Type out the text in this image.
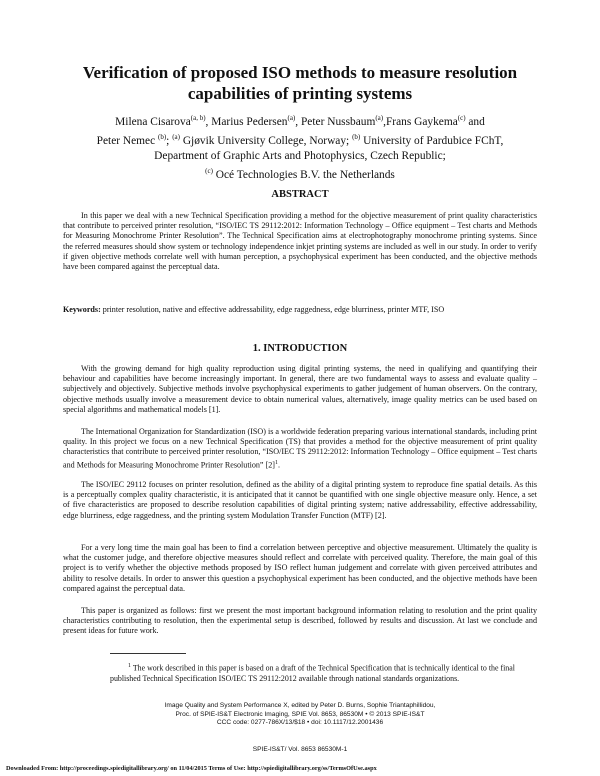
Verification of proposed ISO methods to measure resolution
capabilities of printing systems
Milena Cisarova$^{(a, b)}$, Marius Pedersen$^{(a)}$, Peter Nussbaum$^{(a)}$,Frans Gaykema$^{(c)}$ and
Peter Nemec $^{(b)}$; $^{(a)}$ Gjøvik University College, Norway; $^{(b)}$ University of Pardubice FChT,
Department of Graphic Arts and Photophysics, Czech Republic;
$^{(c)}$ Océ Technologies B.V. the Netherlands
ABSTRACT

In this paper we deal with a new Technical Specification providing a method for the objective measurement of print quality characteristics that contribute to perceived printer resolution, “ISO/IEC TS 29112:2012: Information Technology – Office equipment – Test charts and Methods for Measuring Monochrome Printer Resolution”. The Technical Specification aims at electrophotography monochrome printing systems. Since the referred measures should show system or technology independence inkjet printing systems are included as well in our study. In order to verify if given objective methods correlate well with human perception, a psychophysical experiment has been conducted, and the objective methods have been compared against the perceptual data.

Keywords: printer resolution, native and effective addressability, edge raggedness, edge blurriness, printer MTF, ISO

1. INTRODUCTION

With the growing demand for high quality reproduction using digital printing systems, the need in qualifying and quantifying their behaviour and capabilities have become increasingly important. In general, there are two fundamental ways to assess and evaluate quality – subjectively and objectively. Subjective methods involve psychophysical experiments to gather judgement of human observers. On the contrary, objective methods usually involve a measurement device to obtain numerical values, alternatively, image quality metrics can be used based on special algorithms and mathematical models [1].

The International Organization for Standardization (ISO) is a worldwide federation preparing various international standards, including print quality. In this project we focus on a new Technical Specification (TS) that provides a method for the objective measurement of print quality characteristics that contribute to perceived printer resolution, “ISO/IEC TS 29112:2012: Information Technology – Office equipment – Test charts and Methods for Measuring Monochrome Printer Resolution” $[2]^1$.

The ISO/IEC 29112 focuses on printer resolution, defined as the ability of a digital printing system to reproduce fine spatial details. As this is a perceptually complex quality characteristic, it is anticipated that it cannot be quantified with one single objective measure only. Hence, a set of five characteristics are proposed to describe resolution capabilities of digital printing system; native addressability, effective addressability, edge blurriness, edge raggedness, and the printing system Modulation Transfer Function (MTF) [2].

For a very long time the main goal has been to find a correlation between perceptive and objective measurement. Ultimately the quality is what the customer judge, and therefore objective measures should reflect and correlate with perceived quality. Therefore, the main goal of this project is to verify whether the objective methods proposed by ISO reflect human judgement and correlate with given perceived attributes and ability to resolve details. In order to answer this question a psychophysical experiment has been conducted, and the objective methods have been compared against the perceptual data.

This paper is organized as follows: first we present the most important background information relating to resolution and the print quality characteristics contributing to resolution, then the experimental setup is described, followed by results and discussion. At last we conclude and present ideas for future work.

$^1$ The work described in this paper is based on a draft of the Technical Specification that is technically identical to the final published Technical Specification ISO/IEC TS 29112:2012 available through national standards organizations.

Image Quality and System Performance X, edited by Peter D. Burns, Sophie Triantaphillidou,
Proc. of SPIE-IS&T Electronic Imaging, SPIE Vol. 8653, 86530M • © 2013 SPIE-IS&T
CCC code: 0277-786X/13/$18 • doi: 10.1117/12.2001436
SPIE-IS&T/ Vol. 8653 86530M-1
Downloaded From: http://proceedings.spiedigitallibrary.org/ on 11/04/2015 Terms of Use: http://spiedigitallibrary.org/ss/TermsOfUse.aspx
